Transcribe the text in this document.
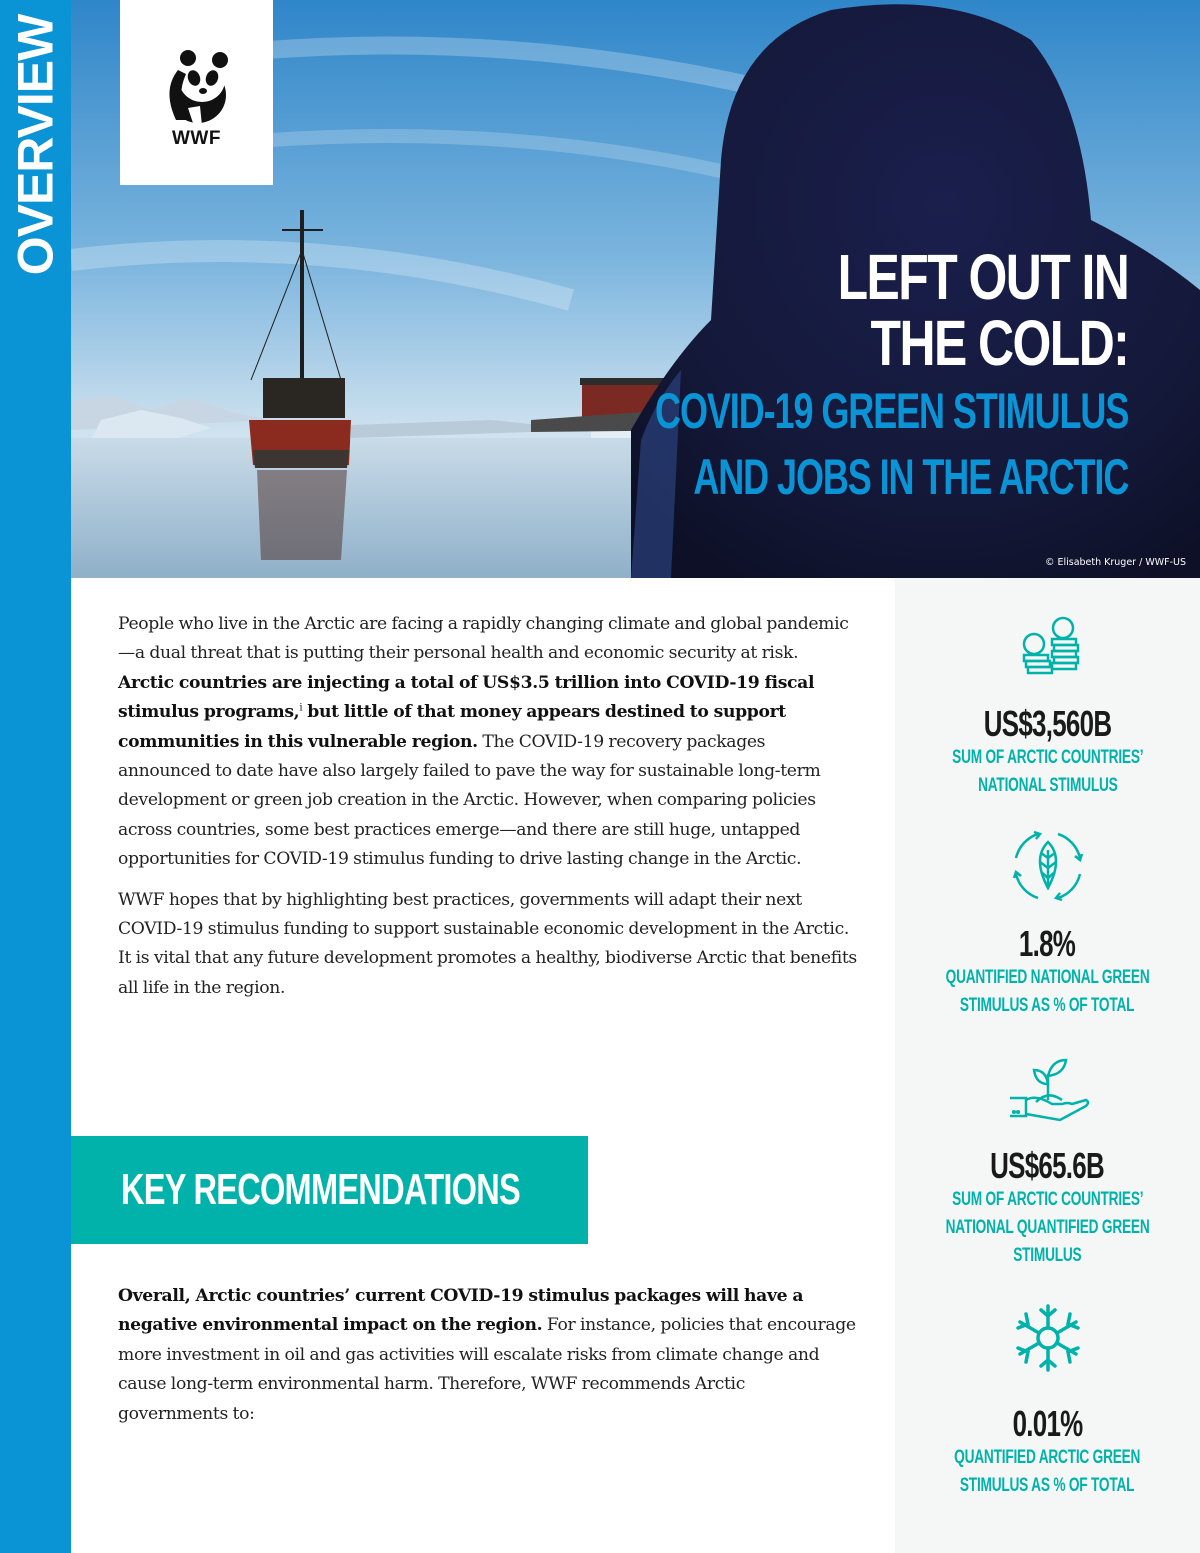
OVERVIEW	WWF
LEFT OUT IN
THE COLD:
COVID-19 GREEN STIMULUS
AND JOBS IN THE ARCTIC
© Elisabeth Kruger / WWF-US

People who live in the Arctic are facing a rapidly changing climate and global pandemic—a dual threat that is putting their personal health and economic security at risk. Arctic countries are injecting a total of US$3.5 trillion into COVID-19 fiscal stimulus programs,$^i$ but little of that money appears destined to support communities in this vulnerable region. The COVID-19 recovery packages announced to date have also largely failed to pave the way for sustainable long-term development or green job creation in the Arctic. However, when comparing policies across countries, some best practices emerge—and there are still huge, untapped opportunities for COVID-19 stimulus funding to drive lasting change in the Arctic.

WWF hopes that by highlighting best practices, governments will adapt their next COVID-19 stimulus funding to support sustainable economic development in the Arctic. It is vital that any future development promotes a healthy, biodiverse Arctic that benefits all life in the region.

KEY RECOMMENDATIONS

Overall, Arctic countries’ current COVID-19 stimulus packages will have a negative environmental impact on the region. For instance, policies that encourage more investment in oil and gas activities will escalate risks from climate change and cause long-term environmental harm. Therefore, WWF recommends Arctic governments to:

US$3,560B
SUM OF ARCTIC COUNTRIES’
NATIONAL STIMULUS
1.8%
QUANTIFIED NATIONAL GREEN
STIMULUS AS % OF TOTAL
US$65.6B
SUM OF ARCTIC COUNTRIES’
NATIONAL QUANTIFIED GREEN
STIMULUS
0.01%
QUANTIFIED ARCTIC GREEN
STIMULUS AS % OF TOTAL
